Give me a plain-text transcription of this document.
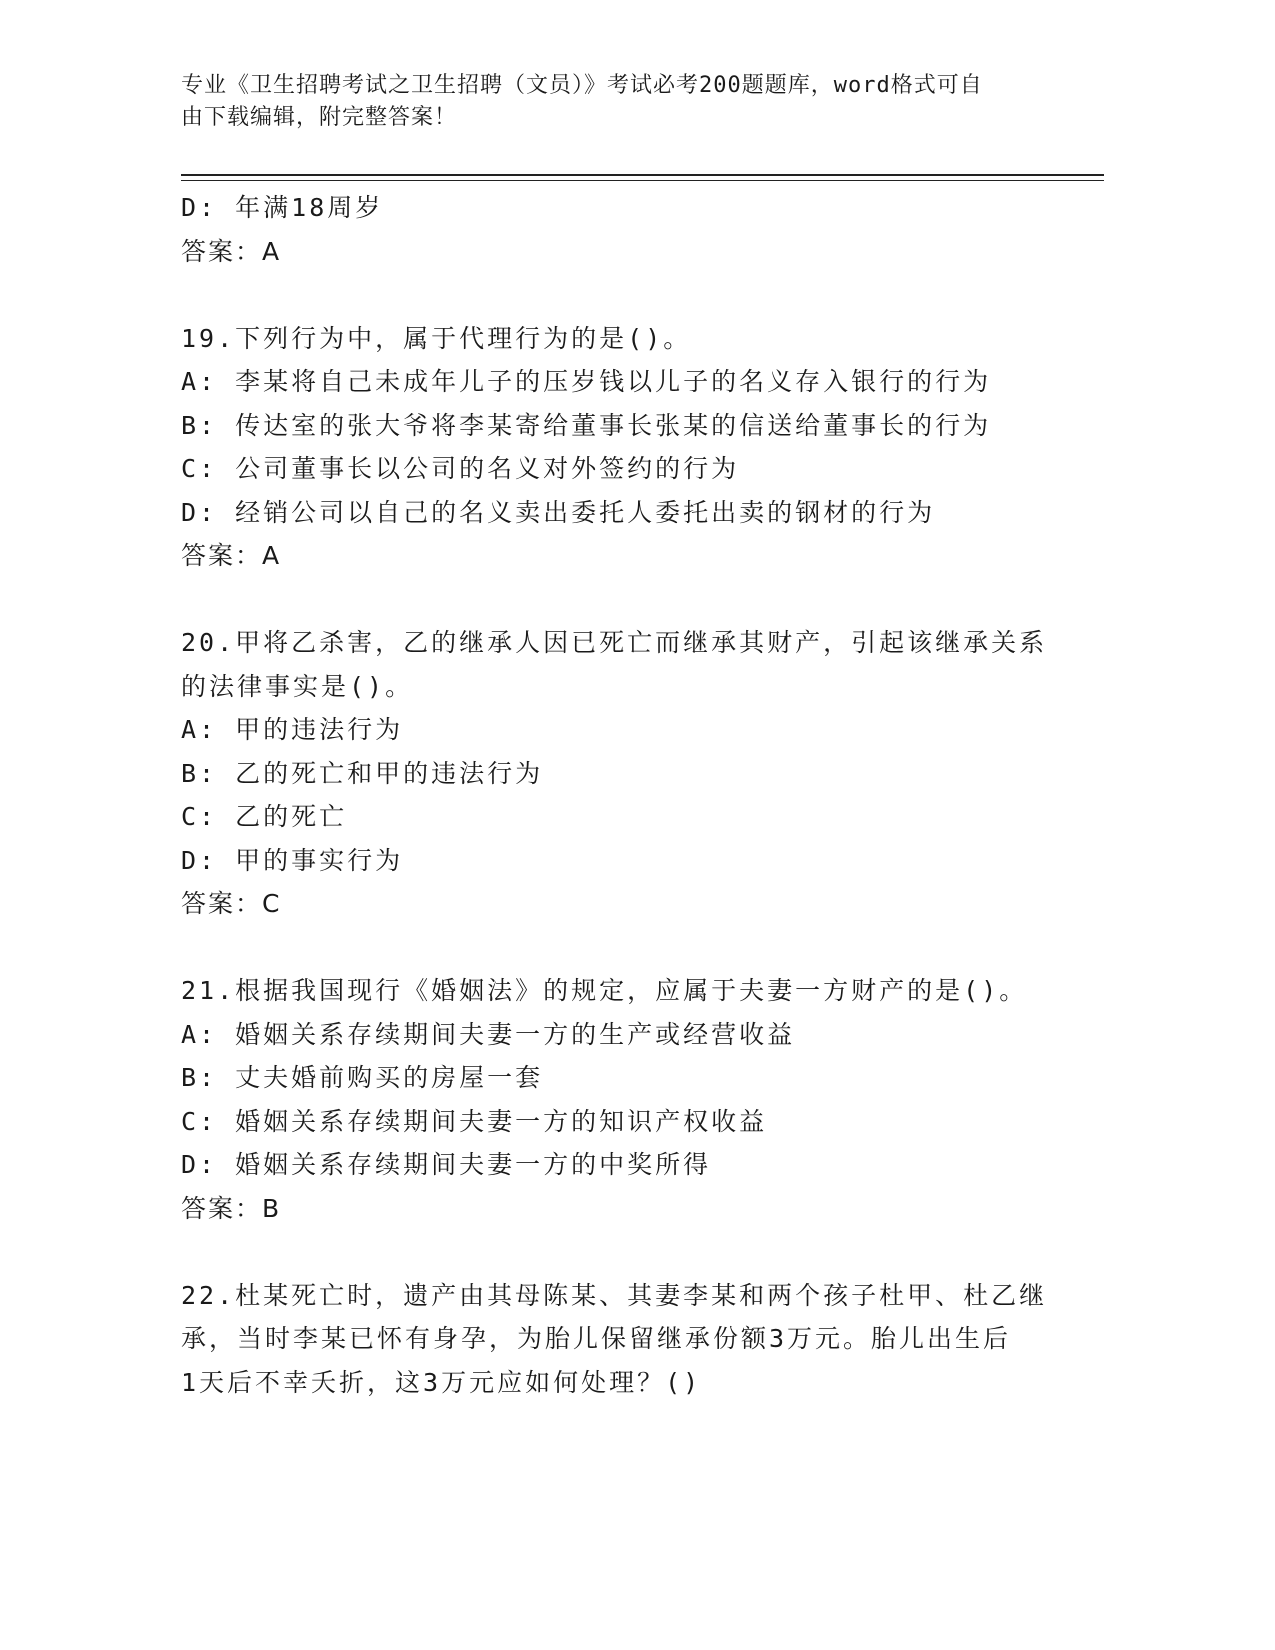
专业《卫生招聘考试之卫生招聘（文员）》考试必考200题题库，word格式可自
由下载编辑，附完整答案！
D: 年满18周岁
答案：A
19.下列行为中，属于代理行为的是()。
A: 李某将自己未成年儿子的压岁钱以儿子的名义存入银行的行为
B: 传达室的张大爷将李某寄给董事长张某的信送给董事长的行为
C: 公司董事长以公司的名义对外签约的行为
D: 经销公司以自己的名义卖出委托人委托出卖的钢材的行为
答案：A
20.甲将乙杀害，乙的继承人因已死亡而继承其财产，引起该继承关系
的法律事实是()。
A: 甲的违法行为
B: 乙的死亡和甲的违法行为
C: 乙的死亡
D: 甲的事实行为
答案：C
21.根据我国现行《婚姻法》的规定，应属于夫妻一方财产的是()。
A: 婚姻关系存续期间夫妻一方的生产或经营收益
B: 丈夫婚前购买的房屋一套
C: 婚姻关系存续期间夫妻一方的知识产权收益
D: 婚姻关系存续期间夫妻一方的中奖所得
答案：B
22.杜某死亡时，遗产由其母陈某、其妻李某和两个孩子杜甲、杜乙继
承，当时李某已怀有身孕，为胎儿保留继承份额3万元。胎儿出生后
1天后不幸夭折，这3万元应如何处理？()
